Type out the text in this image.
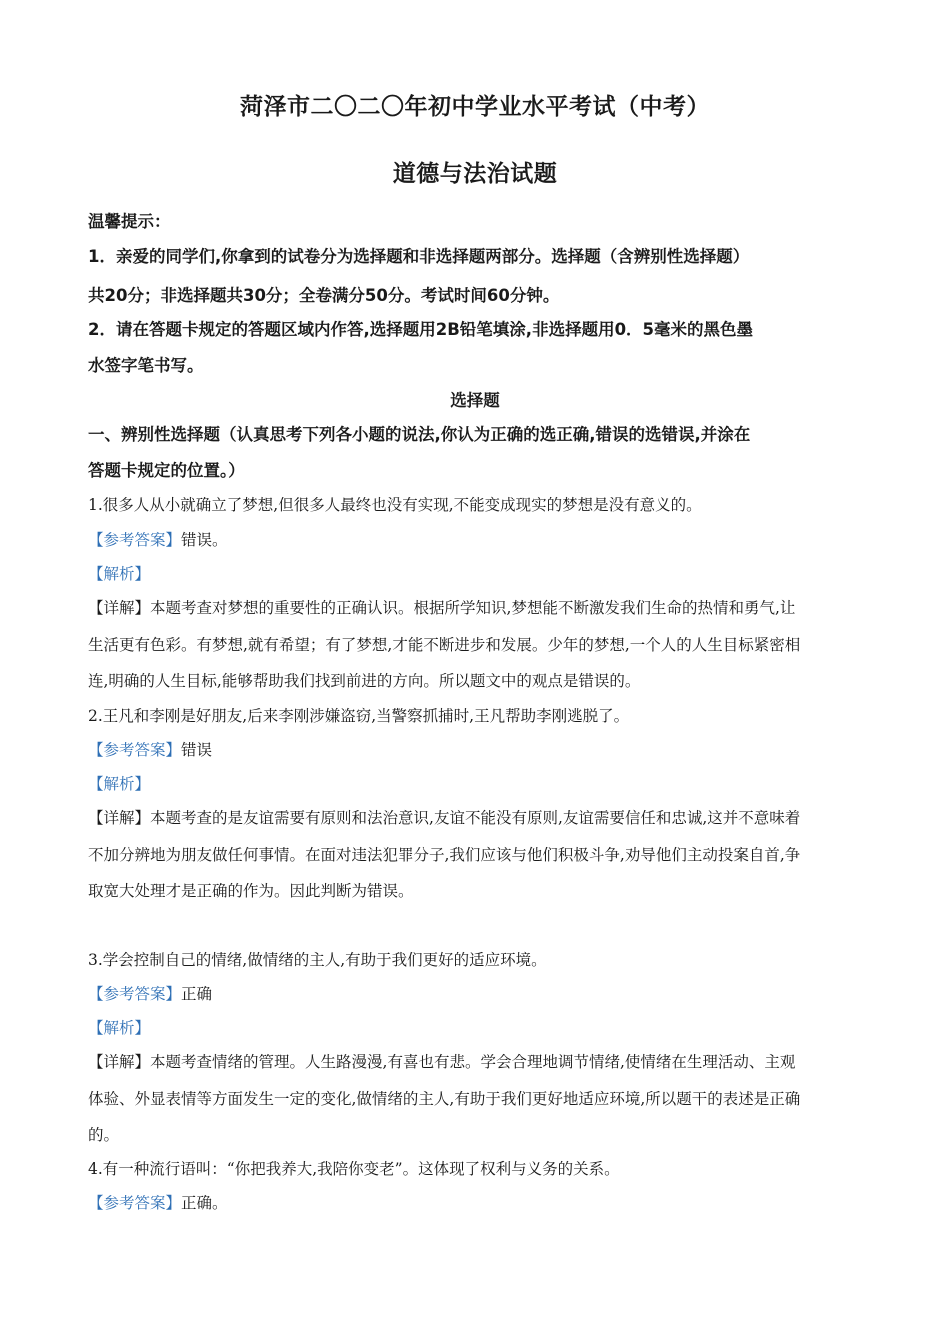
菏泽市二〇二〇年初中学业水平考试（中考）
道德与法治试题
温馨提示：
1．亲爱的同学们,你拿到的试卷分为选择题和非选择题两部分。选择题（含辨别性选择题）
共20分；非选择题共30分；全卷满分50分。考试时间60分钟。
2．请在答题卡规定的答题区域内作答,选择题用2B铅笔填涂,非选择题用0．5毫米的黑色墨
水签字笔书写。
选择题
一、辨别性选择题（认真思考下列各小题的说法,你认为正确的选正确,错误的选错误,并涂在
答题卡规定的位置。）
1.很多人从小就确立了梦想,但很多人最终也没有实现,不能变成现实的梦想是没有意义的。
【参考答案】错误。
【解析】
【详解】本题考查对梦想的重要性的正确认识。根据所学知识,梦想能不断激发我们生命的热情和勇气,让
生活更有色彩。有梦想,就有希望；有了梦想,才能不断进步和发展。少年的梦想,一个人的人生目标紧密相
连,明确的人生目标,能够帮助我们找到前进的方向。所以题文中的观点是错误的。
2.王凡和李刚是好朋友,后来李刚涉嫌盗窃,当警察抓捕时,王凡帮助李刚逃脱了。
【参考答案】错误
【解析】
【详解】本题考查的是友谊需要有原则和法治意识,友谊不能没有原则,友谊需要信任和忠诚,这并不意味着
不加分辨地为朋友做任何事情。在面对违法犯罪分子,我们应该与他们积极斗争,劝导他们主动投案自首,争
取宽大处理才是正确的作为。因此判断为错误。
3.学会控制自己的情绪,做情绪的主人,有助于我们更好的适应环境。
【参考答案】正确
【解析】
【详解】本题考查情绪的管理。人生路漫漫,有喜也有悲。学会合理地调节情绪,使情绪在生理活动、主观
体验、外显表情等方面发生一定的变化,做情绪的主人,有助于我们更好地适应环境,所以题干的表述是正确
的。
4.有一种流行语叫：“你把我养大,我陪你变老”。这体现了权利与义务的关系。
【参考答案】正确。
